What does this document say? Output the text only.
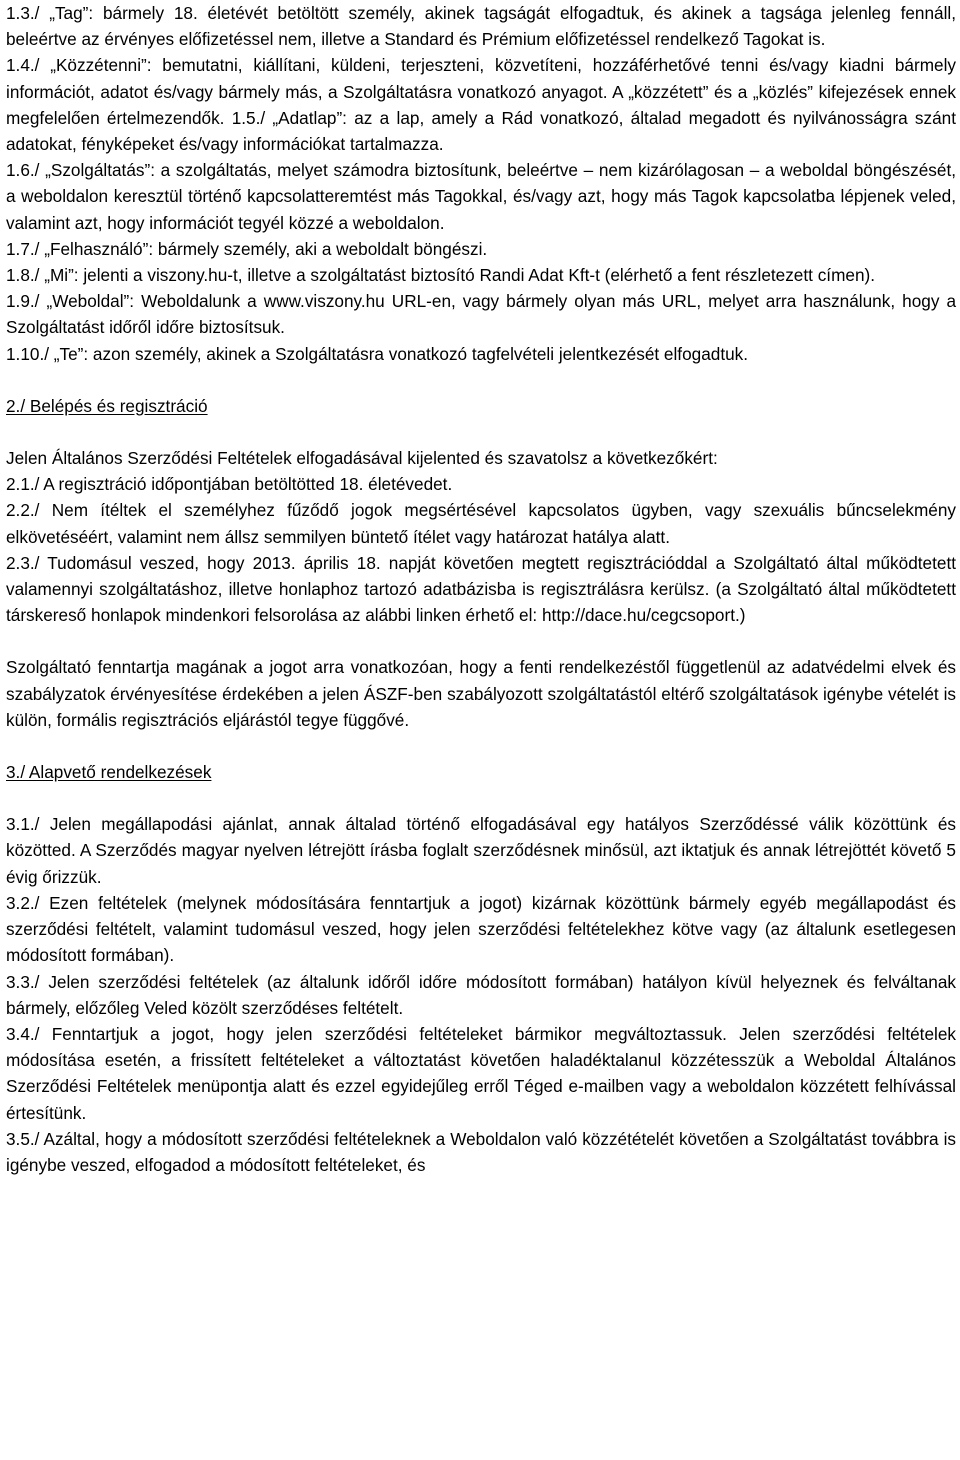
1.3./ „Tag”: bármely 18. életévét betöltött személy, akinek tagságát elfogadtuk, és akinek a tagsága jelenleg fennáll, beleértve az érvényes előfizetéssel nem, illetve a Standard és Prémium előfizetéssel rendelkező Tagokat is.

1.4./ „Közzétenni”: bemutatni, kiállítani, küldeni, terjeszteni, közvetíteni, hozzáférhetővé tenni és/vagy kiadni bármely információt, adatot és/vagy bármely más, a Szolgáltatásra vonatkozó anyagot. A „közzétett” és a „közlés” kifejezések ennek megfelelően értelmezendők. 1.5./ „Adatlap”: az a lap, amely a Rád vonatkozó, általad megadott és nyilvánosságra szánt adatokat, fényképeket és/vagy információkat tartalmazza.

1.6./ „Szolgáltatás”: a szolgáltatás, melyet számodra biztosítunk, beleértve – nem kizárólagosan – a weboldal böngészését, a weboldalon keresztül történő kapcsolatteremtést más Tagokkal, és/vagy azt, hogy más Tagok kapcsolatba lépjenek veled, valamint azt, hogy információt tegyél közzé a weboldalon.

1.7./ „Felhasználó”: bármely személy, aki a weboldalt böngészi.

1.8./ „Mi”: jelenti a viszony.hu-t, illetve a szolgáltatást biztosító Randi Adat Kft-t (elérhető a fent részletezett címen).

1.9./ „Weboldal”: Weboldalunk a www.viszony.hu URL-en, vagy bármely olyan más URL, melyet arra használunk, hogy a Szolgáltatást időről időre biztosítsuk.

1.10./ „Te”: azon személy, akinek a Szolgáltatásra vonatkozó tagfelvételi jelentkezését elfogadtuk.

2./ Belépés és regisztráció

Jelen Általános Szerződési Feltételek elfogadásával kijelented és szavatolsz a következőkért:

2.1./ A regisztráció időpontjában betöltötted 18. életévedet.

2.2./ Nem ítéltek el személyhez fűződő jogok megsértésével kapcsolatos ügyben, vagy szexuális bűncselekmény elkövetéséért, valamint nem állsz semmilyen büntető ítélet vagy határozat hatálya alatt.

2.3./ Tudomásul veszed, hogy 2013. április 18. napját követően megtett regisztrációddal a Szolgáltató által működtetett valamennyi szolgáltatáshoz, illetve honlaphoz tartozó adatbázisba is regisztrálásra kerülsz. (a Szolgáltató által működtetett társkereső honlapok mindenkori felsorolása az alábbi linken érhető el: http://dace.hu/cegcsoport.)

Szolgáltató fenntartja magának a jogot arra vonatkozóan, hogy a fenti rendelkezéstől függetlenül az adatvédelmi elvek és szabályzatok érvényesítése érdekében a jelen ÁSZF-ben szabályozott szolgáltatástól eltérő szolgáltatások igénybe vételét is külön, formális regisztrációs eljárástól tegye függővé.

3./ Alapvető rendelkezések

3.1./ Jelen megállapodási ajánlat, annak általad történő elfogadásával egy hatályos Szerződéssé válik közöttünk és közötted. A Szerződés magyar nyelven létrejött írásba foglalt szerződésnek minősül, azt iktatjuk és annak létrejöttét követő 5 évig őrizzük.

3.2./ Ezen feltételek (melynek módosítására fenntartjuk a jogot) kizárnak közöttünk bármely egyéb megállapodást és szerződési feltételt, valamint tudomásul veszed, hogy jelen szerződési feltételekhez kötve vagy (az általunk esetlegesen módosított formában).

3.3./ Jelen szerződési feltételek (az általunk időről időre módosított formában) hatályon kívül helyeznek és felváltanak bármely, előzőleg Veled közölt szerződéses feltételt.

3.4./ Fenntartjuk a jogot, hogy jelen szerződési feltételeket bármikor megváltoztassuk. Jelen szerződési feltételek módosítása esetén, a frissített feltételeket a változtatást követően haladéktalanul közzétesszük a Weboldal Általános Szerződési Feltételek menüpontja alatt és ezzel egyidejűleg erről Téged e-mailben vagy a weboldalon közzétett felhívással értesítünk.

3.5./ Azáltal, hogy a módosított szerződési feltételeknek a Weboldalon való közzétételét követően a Szolgáltatást továbbra is igénybe veszed, elfogadod a módosított feltételeket, és
